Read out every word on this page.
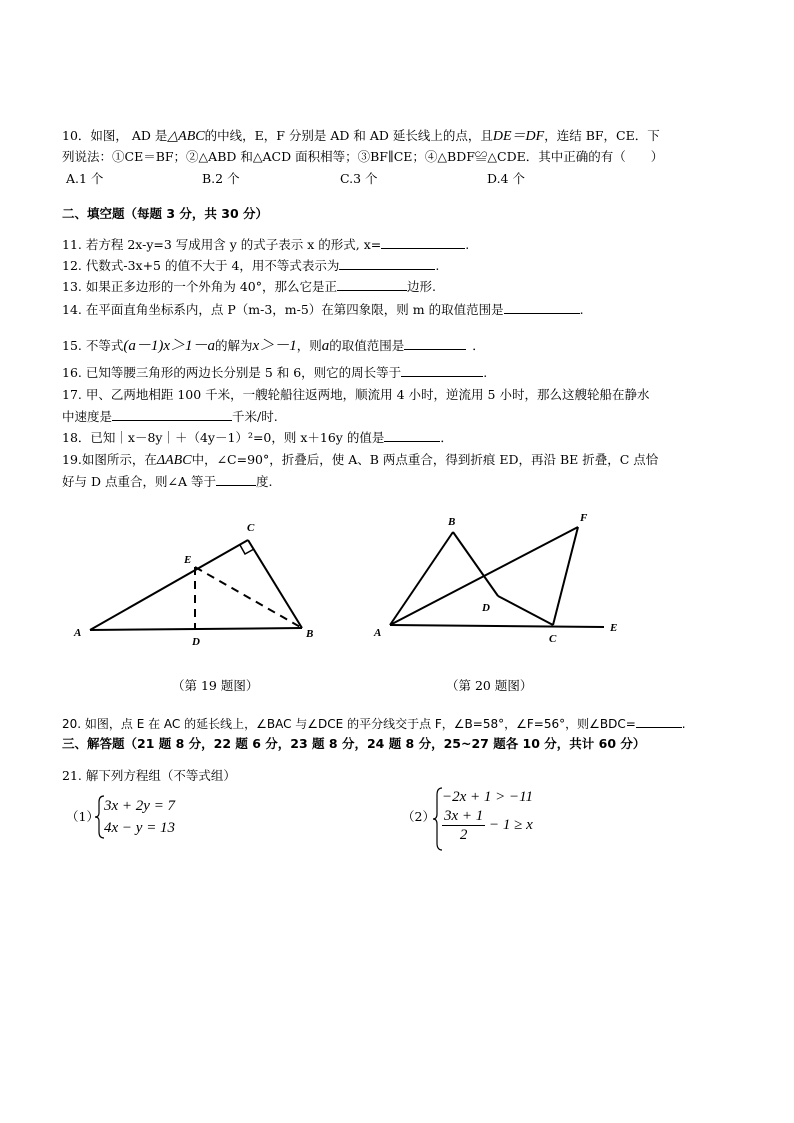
10．如图， AD 是△ABC的中线，E，F 分别是 AD 和 AD 延长线上的点，且DE＝DF，连结 BF，CE．下
列说法：①CE＝BF；②△ABD 和△ACD 面积相等；③BF∥CE；④△BDF≌△CDE．其中正确的有（　　）
A.1 个	B.2 个	C.3 个	D.4 个
二、填空题（每题 3 分，共 30 分）
11. 若方程 2x-y=3 写成用含 y 的式子表示 x 的形式, x=	.
12. 代数式-3x+5 的值不大于 4，用不等式表示为	.
13. 如果正多边形的一个外角为 40°，那么它是正	边形.
14. 在平面直角坐标系内，点 P（m-3，m-5）在第四象限，则 m 的取值范围是	.
15. 不等式(a－1)x＞1－a的解为x＞－1，则a的取值范围是	．
16. 已知等腰三角形的两边长分别是 5 和 6，则它的周长等于	.
17. 甲、乙两地相距 100 千米，一艘轮船往返两地，顺流用 4 小时，逆流用 5 小时，那么这艘轮船在静水
中速度是	千米/时.
18．已知｜x－8y｜＋（4y－1）²=0，则 x＋16y 的值是	．
19.如图所示，在ΔABC中，∠C=90°，折叠后，使 A、B 两点重合，得到折痕 ED，再沿 BE 折叠，C 点恰
好与 D 点重合，则∠A 等于	度.
A	B
C
D
E
（第 19 题图）
A
B
C
D
E
F
（第 20 题图）
20. 如图，点 E 在 AC 的延长线上，∠BAC 与∠DCE 的平分线交于点 F，∠B=58°，∠F=56°，则∠BDC=	.
三、解答题（21 题 8 分，22 题 6 分，23 题 8 分，24 题 8 分，25~27 题各 10 分，共计 60 分）
21. 解下列方程组（不等式组）
（1）
3x + 2y = 7
4x − y = 13
（2）
−2x + 1 > −11
$\frac{3x + 1}{2} - 1 \ge x$
